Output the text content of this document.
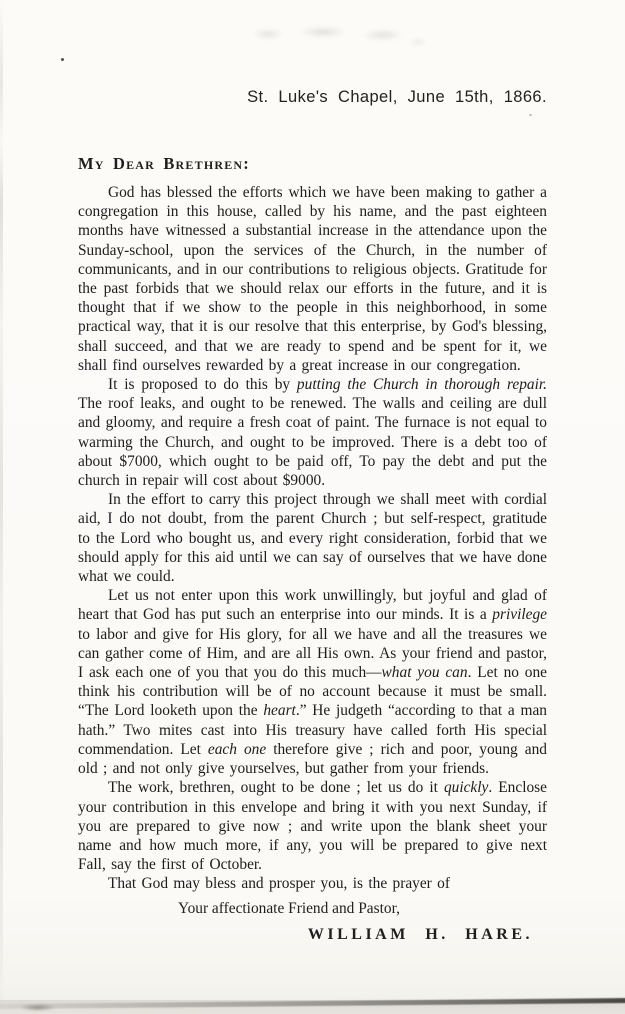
St. Luke's Chapel, June 15th, 1866.
My Dear Brethren:

God has blessed the efforts which we have been making to gather a congregation in this house, called by his name, and the past eighteen months have witnessed a substantial increase in the attendance upon the Sunday-school, upon the services of the Church, in the number of communicants, and in our contributions to religious objects. Gratitude for the past forbids that we should relax our efforts in the future, and it is thought that if we show to the people in this neighborhood, in some practical way, that it is our resolve that this enterprise, by God's blessing, shall succeed, and that we are ready to spend and be spent for it, we shall find ourselves rewarded by a great increase in our congregation.

It is proposed to do this by putting the Church in thorough repair. The roof leaks, and ought to be renewed. The walls and ceiling are dull and gloomy, and require a fresh coat of paint. The furnace is not equal to warming the Church, and ought to be improved. There is a debt too of about $7000, which ought to be paid off, To pay the debt and put the church in repair will cost about $9000.

In the effort to carry this project through we shall meet with cordial aid, I do not doubt, from the parent Church ; but self-respect, gratitude to the Lord who bought us, and every right consideration, forbid that we should apply for this aid until we can say of ourselves that we have done what we could.

Let us not enter upon this work unwillingly, but joyful and glad of heart that God has put such an enterprise into our minds. It is a privilege to labor and give for His glory, for all we have and all the treasures we can gather come of Him, and are all His own. As your friend and pastor, I ask each one of you that you do this much—what you can. Let no one think his contribution will be of no account because it must be small. “The Lord looketh upon the heart.” He judgeth “according to that a man hath.” Two mites cast into His treasury have called forth His special commendation. Let each one therefore give ; rich and poor, young and old ; and not only give yourselves, but gather from your friends.

The work, brethren, ought to be done ; let us do it quickly. Enclose your contribution in this envelope and bring it with you next Sunday, if you are prepared to give now ; and write upon the blank sheet your name and how much more, if any, you will be prepared to give next Fall, say the first of October.

That God may bless and prosper you, is the prayer of

Your affectionate Friend and Pastor,
WILLIAM H. HARE.
